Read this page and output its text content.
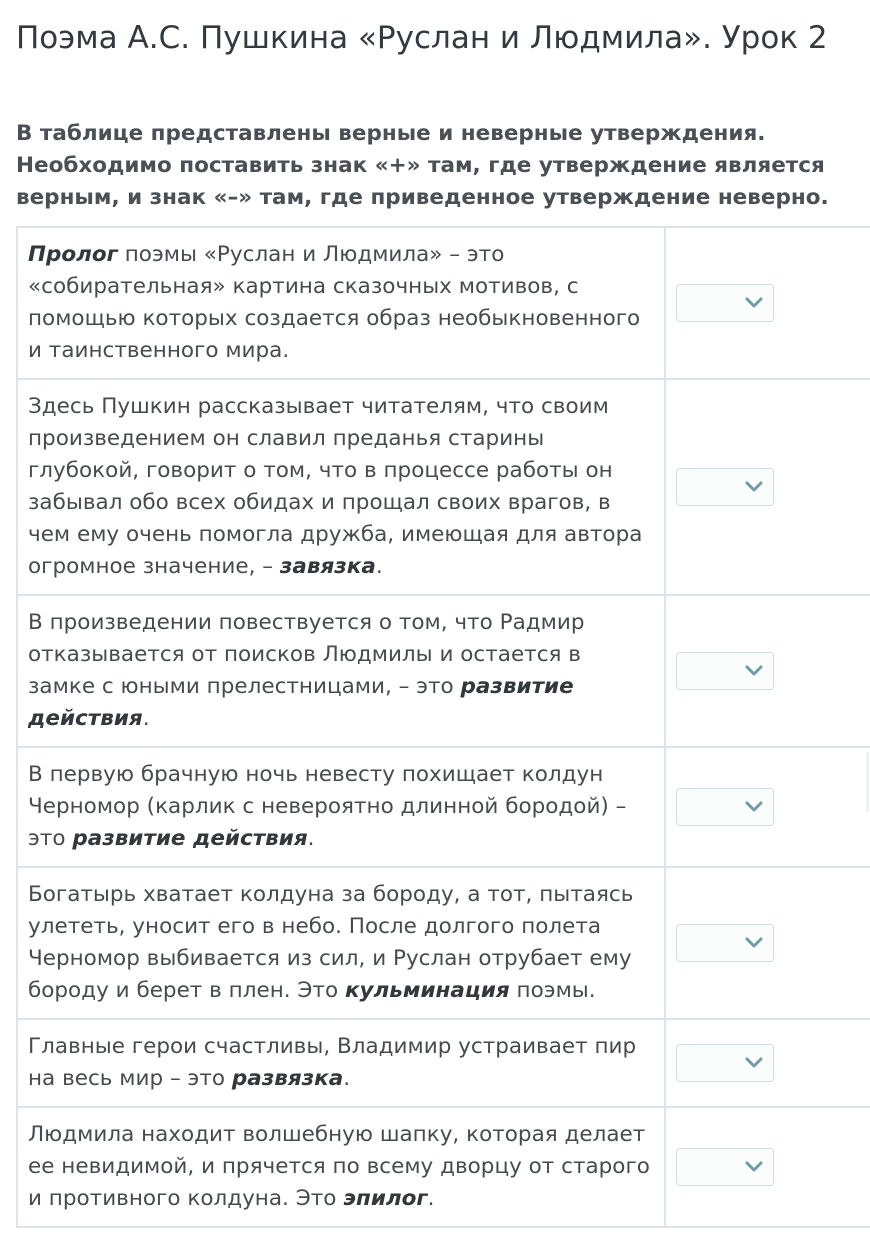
Поэма А.С. Пушкина «Руслан и Людмила». Урок 2

В таблице представлены верные и неверные утверждения. Необходимо поставить знак «+» там, где утверждение является верным, и знак «–» там, где приведенное утверждение неверно.

Пролог поэмы «Руслан и Людмила» – это «собирательная» картина сказочных мотивов, с помощью которых создается образ необыкновенного и таинственного мира.	

Здесь Пушкин рассказывает читателям, что своим произведением он славил преданья старины глубокой, говорит о том, что в процессе работы он забывал обо всех обидах и прощал своих врагов, в чем ему очень помогла дружба, имеющая для автора огромное значение, – завязка.	

В произведении повествуется о том, что Радмир отказывается от поисков Людмилы и остается в замке с юными прелестницами, – это развитие действия.	

В первую брачную ночь невесту похищает колдун Черномор (карлик с невероятно длинной бородой) – это развитие действия.	

Богатырь хватает колдуна за бороду, а тот, пытаясь улететь, уносит его в небо. После долгого полета Черномор выбивается из сил, и Руслан отрубает ему бороду и берет в плен. Это кульминация поэмы.	

Главные герои счастливы, Владимир устраивает пир на весь мир – это развязка.	

Людмила находит волшебную шапку, которая делает ее невидимой, и прячется по всему дворцу от старого и противного колдуна. Это эпилог.	
